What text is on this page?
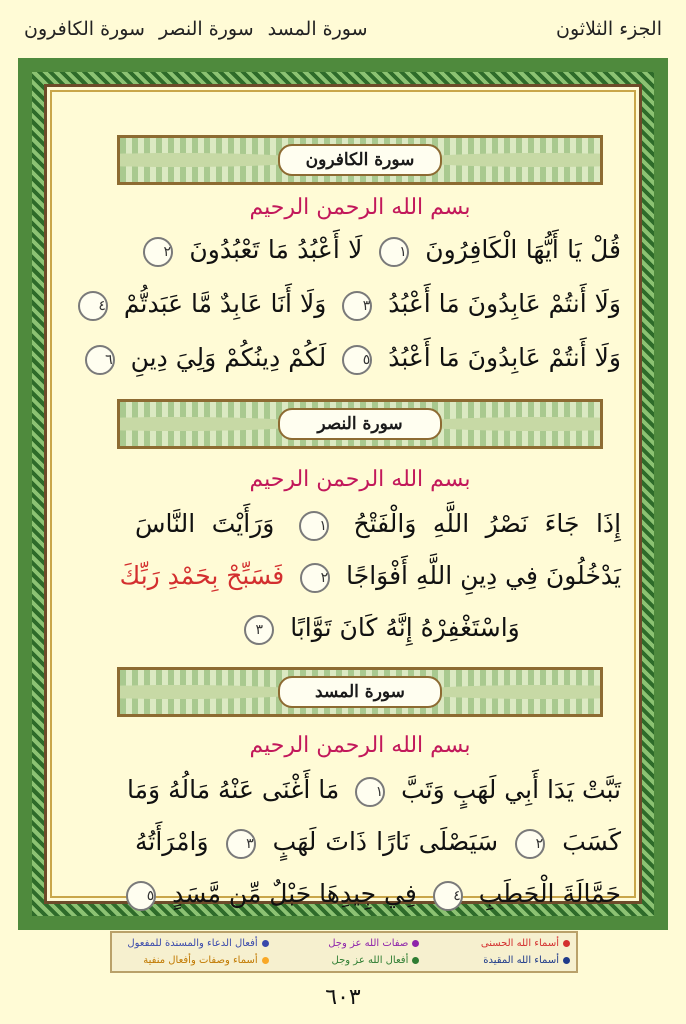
الجزء الثلاثون
سورة المسد
سورة النصر
سورة الكافرون
سورة الكافرون
بسم الله الرحمن الرحيم
قُلْ يَا أَيُّهَا الْكَافِرُونَ ١ لَا أَعْبُدُ مَا تَعْبُدُونَ ٢
وَلَا أَنتُمْ عَابِدُونَ مَا أَعْبُدُ ٣ وَلَا أَنَا عَابِدٌ مَّا عَبَدتُّمْ ٤
وَلَا أَنتُمْ عَابِدُونَ مَا أَعْبُدُ ٥ لَكُمْ دِينُكُمْ وَلِيَ دِينِ ٦
سورة النصر
بسم الله الرحمن الرحيم
إِذَا جَاءَ نَصْرُ اللَّهِ وَالْفَتْحُ ١ وَرَأَيْتَ النَّاسَ
يَدْخُلُونَ فِي دِينِ اللَّهِ أَفْوَاجًا ٢ فَسَبِّحْ بِحَمْدِ رَبِّكَ
وَاسْتَغْفِرْهُ إِنَّهُ كَانَ تَوَّابًا ٣
سورة المسد
بسم الله الرحمن الرحيم
تَبَّتْ يَدَا أَبِي لَهَبٍ وَتَبَّ ١ مَا أَغْنَى عَنْهُ مَالُهُ وَمَا
كَسَبَ ٢ سَيَصْلَى نَارًا ذَاتَ لَهَبٍ ٣ وَامْرَأَتُهُ
حَمَّالَةَ الْحَطَبِ ٤ فِي جِيدِهَا حَبْلٌ مِّن مَّسَدٍ ٥
أسماء الله الحسنى
صفات الله عز وجل
أفعال الدعاء والمسندة للمفعول
أسماء الله المقيدة
أفعال الله عز وجل
أسماء وصفات وأفعال منفية
٦٠٣
